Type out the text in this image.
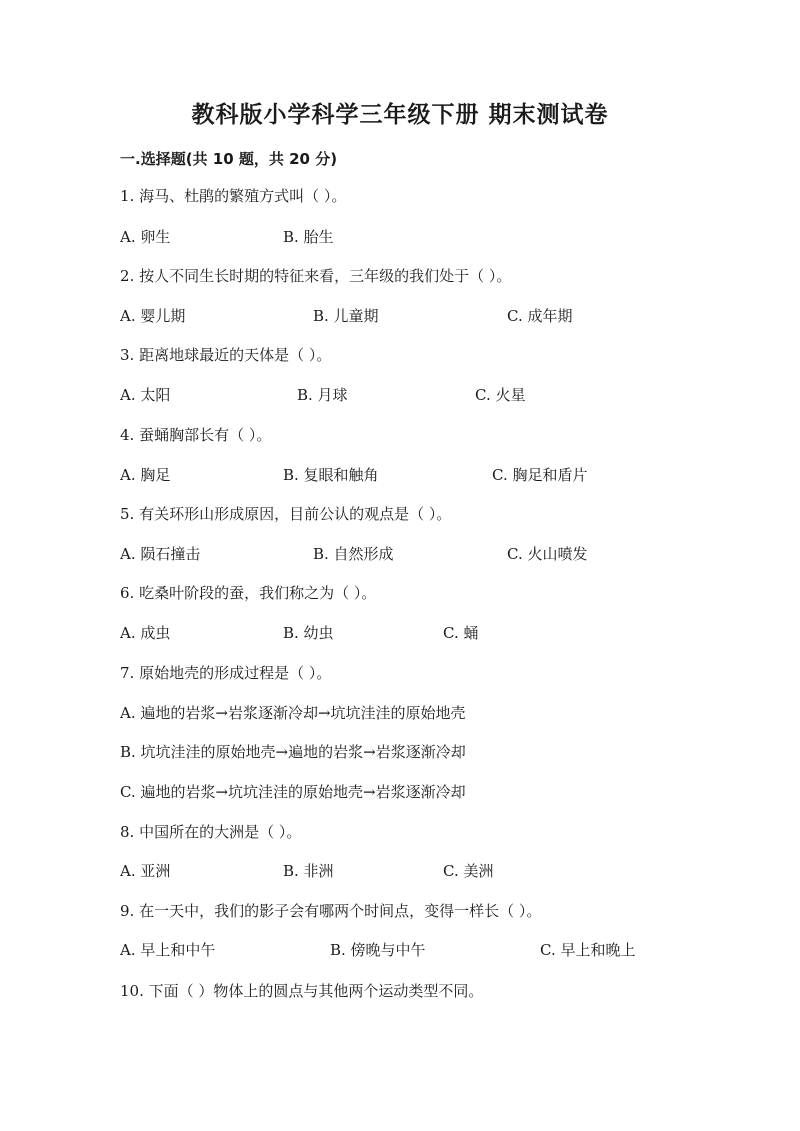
教科版小学科学三年级下册 期末测试卷
一.选择题(共 10 题，共 20 分)
1. 海马、杜鹃的繁殖方式叫（ ）。
A. 卵生	B. 胎生
2. 按人不同生长时期的特征来看，三年级的我们处于（ ）。
A. 婴儿期	B. 儿童期	C. 成年期
3. 距离地球最近的天体是（ ）。
A. 太阳	B. 月球	C. 火星
4. 蚕蛹胸部长有（ ）。
A. 胸足	B. 复眼和触角	C. 胸足和盾片
5. 有关环形山形成原因，目前公认的观点是（ ）。
A. 陨石撞击	B. 自然形成	C. 火山喷发
6. 吃桑叶阶段的蚕，我们称之为（ ）。
A. 成虫	B. 幼虫	C. 蛹
7. 原始地壳的形成过程是（ ）。
A. 遍地的岩浆→岩浆逐渐冷却→坑坑洼洼的原始地壳
B. 坑坑洼洼的原始地壳→遍地的岩浆→岩浆逐渐冷却
C. 遍地的岩浆→坑坑洼洼的原始地壳→岩浆逐渐冷却
8. 中国所在的大洲是（ ）。
A. 亚洲	B. 非洲	C. 美洲
9. 在一天中，我们的影子会有哪两个时间点，变得一样长（ ）。
A. 早上和中午	B. 傍晚与中午	C. 早上和晚上
10. 下面（ ）物体上的圆点与其他两个运动类型不同。
